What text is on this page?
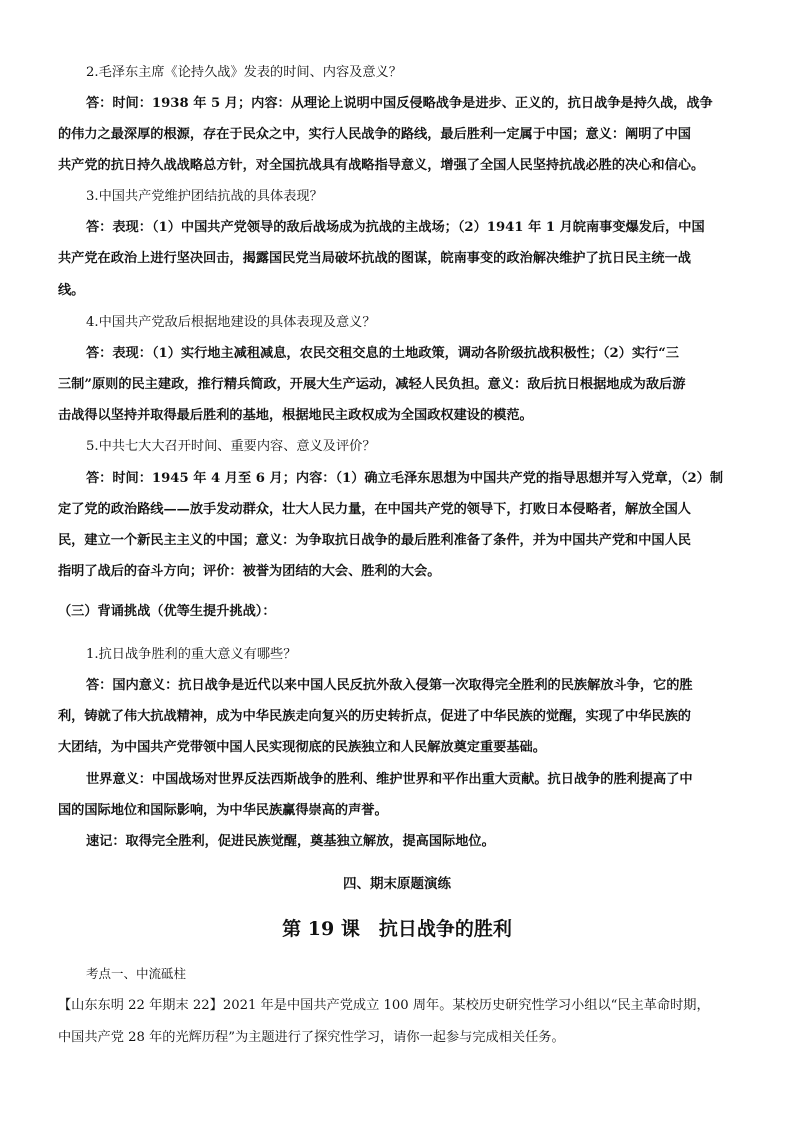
2.毛泽东主席《论持久战》发表的时间、内容及意义？
答：时间：1938 年 5 月；内容：从理论上说明中国反侵略战争是进步、正义的，抗日战争是持久战，战争
的伟力之最深厚的根源，存在于民众之中，实行人民战争的路线，最后胜利一定属于中国；意义：阐明了中国
共产党的抗日持久战战略总方针，对全国抗战具有战略指导意义，增强了全国人民坚持抗战必胜的决心和信心。
3.中国共产党维护团结抗战的具体表现？
答：表现：（1）中国共产党领导的敌后战场成为抗战的主战场；（2）1941 年 1 月皖南事变爆发后，中国
共产党在政治上进行坚决回击，揭露国民党当局破坏抗战的图谋，皖南事变的政治解决维护了抗日民主统一战
线。
4.中国共产党敌后根据地建设的具体表现及意义？
答：表现：（1）实行地主减租减息，农民交租交息的土地政策，调动各阶级抗战积极性；（2）实行“三
三制”原则的民主建政，推行精兵简政，开展大生产运动，减轻人民负担。意义：敌后抗日根据地成为敌后游
击战得以坚持并取得最后胜利的基地，根据地民主政权成为全国政权建设的模范。
5.中共七大大召开时间、重要内容、意义及评价？
答：时间：1945 年 4 月至 6 月；内容：（1）确立毛泽东思想为中国共产党的指导思想并写入党章，（2）制
定了党的政治路线——放手发动群众，壮大人民力量，在中国共产党的领导下，打败日本侵略者，解放全国人
民，建立一个新民主主义的中国；意义：为争取抗日战争的最后胜利准备了条件，并为中国共产党和中国人民
指明了战后的奋斗方向；评价：被誉为团结的大会、胜利的大会。
（三）背诵挑战（优等生提升挑战）：
1.抗日战争胜利的重大意义有哪些？
答：国内意义：抗日战争是近代以来中国人民反抗外敌入侵第一次取得完全胜利的民族解放斗争，它的胜
利，铸就了伟大抗战精神，成为中华民族走向复兴的历史转折点，促进了中华民族的觉醒，实现了中华民族的
大团结，为中国共产党带领中国人民实现彻底的民族独立和人民解放奠定重要基础。
世界意义：中国战场对世界反法西斯战争的胜利、维护世界和平作出重大贡献。抗日战争的胜利提高了中
国的国际地位和国际影响，为中华民族赢得崇高的声誉。
速记：取得完全胜利，促进民族觉醒，奠基独立解放，提高国际地位。
四、期末原题演练
第 19 课　抗日战争的胜利
考点一、中流砥柱
【山东东明 22 年期末 22】2021 年是中国共产党成立 100 周年。某校历史研究性学习小组以“民主革命时期，
中国共产党 28 年的光辉历程”为主题进行了探究性学习，请你一起参与完成相关任务。
